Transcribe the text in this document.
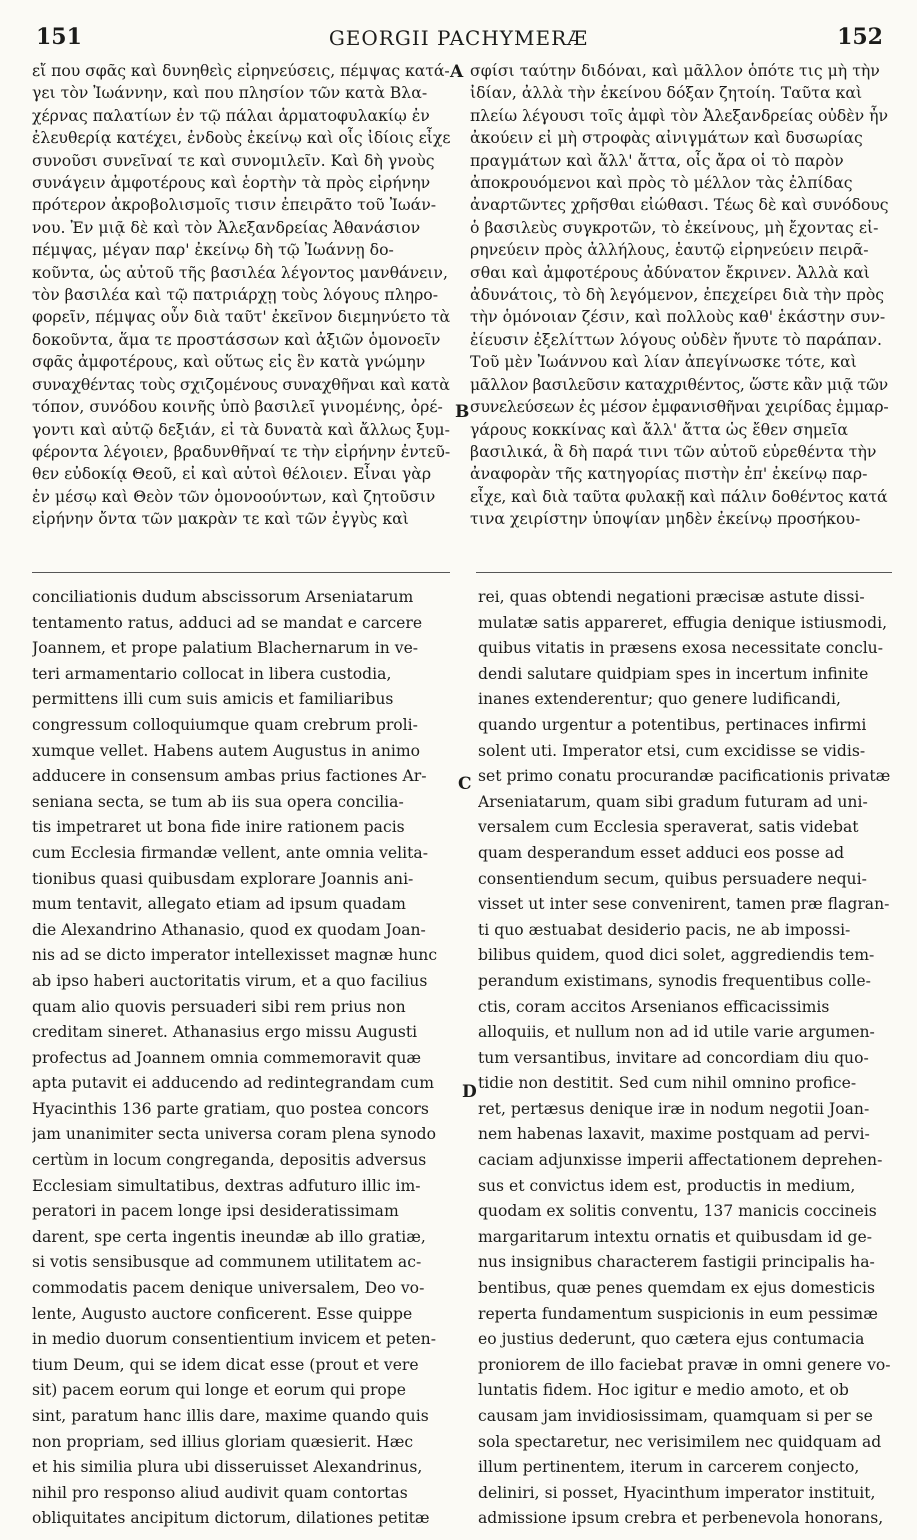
151	GEORGII PACHYMERÆ	152
εἴ που σφᾶς καὶ δυνηθεὶς εἰρηνεύσεις, πέμψας κατά-
γει τὸν Ἰωάννην, καὶ που πλησίον τῶν κατὰ Βλα-
χέρνας παλατίων ἐν τῷ πάλαι ἁρματοφυλακίῳ ἐν
ἐλευθερίᾳ κατέχει, ἐνδοὺς ἐκείνῳ καὶ οἷς ἰδίοις εἶχε
συνοῦσι συνεῖναί τε καὶ συνομιλεῖν. Καὶ δὴ γνοὺς
συνάγειν ἀμφοτέρους καὶ ἑορτὴν τὰ πρὸς εἰρήνην
πρότερον ἀκροβολισμοῖς τισιν ἐπειρᾶτο τοῦ Ἰωάν-
νου. Ἐν μιᾷ δὲ καὶ τὸν Ἀλεξανδρείας Ἀθανάσιον
πέμψας, μέγαν παρ' ἐκείνῳ δὴ τῷ Ἰωάννῃ δο-
κοῦντα, ὡς αὐτοῦ τῆς βασιλέα λέγοντος μανθάνειν,
τὸν βασιλέα καὶ τῷ πατριάρχῃ τοὺς λόγους πληρο-
φορεῖν, πέμψας οὖν διὰ ταῦτ' ἐκεῖνον διεμηνύετο τὰ
δοκοῦντα, ἅμα τε προστάσσων καὶ ἀξιῶν ὁμονοεῖν
σφᾶς ἀμφοτέρους, καὶ οὕτως εἰς ἓν κατὰ γνώμην
συναχθέντας τοὺς σχιζομένους συναχθῆναι καὶ κατὰ
τόπον, συνόδου κοινῆς ὑπὸ βασιλεῖ γινομένης, ὀρέ-
γοντι καὶ αὐτῷ δεξιάν, εἰ τὰ δυνατὰ καὶ ἄλλως ξυμ-
φέροντα λέγοιεν, βραδυνθῆναί τε τὴν εἰρήνην ἐντεῦ-
θεν εὐδοκίᾳ Θεοῦ, εἰ καὶ αὐτοὶ θέλοιεν. Εἶναι γὰρ
ἐν μέσῳ καὶ Θεὸν τῶν ὁμονοούντων, καὶ ζητοῦσιν
εἰρήνην ὄντα τῶν μακρὰν τε καὶ τῶν ἐγγὺς καὶ
σφίσι ταύτην διδόναι, καὶ μᾶλλον ὁπότε τις μὴ τὴν
ἰδίαν, ἀλλὰ τὴν ἐκείνου δόξαν ζητοίη. Ταῦτα καὶ
πλείω λέγουσι τοῖς ἀμφὶ τὸν Ἀλεξανδρείας οὐδὲν ἦν
ἀκούειν εἰ μὴ στροφὰς αἰνιγμάτων καὶ δυσωρίας
πραγμάτων καὶ ἄλλ' ἄττα, οἷς ἄρα οἱ τὸ παρὸν
ἀποκρουόμενοι καὶ πρὸς τὸ μέλλον τὰς ἐλπίδας
ἀναρτῶντες χρῆσθαι εἰώθασι. Τέως δὲ καὶ συνόδους
ὁ βασιλεὺς συγκροτῶν, τὸ ἐκείνους, μὴ ἔχοντας εἰ-
ρηνεύειν πρὸς ἀλλήλους, ἑαυτῷ εἰρηνεύειν πειρᾶ-
σθαι καὶ ἀμφοτέρους ἀδύνατον ἔκρινεν. Ἀλλὰ καὶ
ἀδυνάτοις, τὸ δὴ λεγόμενον, ἐπεχείρει διὰ τὴν πρὸς
τὴν ὁμόνοιαν ζέσιν, καὶ πολλοὺς καθ' ἑκάστην συν-
ἐίευσιν ἐξελίττων λόγους οὐδὲν ἤνυτε τὸ παράπαν.
Τοῦ μὲν Ἰωάννου καὶ λίαν ἀπεγίνωσκε τότε, καὶ
μᾶλλον βασιλεῦσιν καταχριθέντος, ὥστε κἂν μιᾷ τῶν
συνελεύσεων ἐς μέσον ἐμφανισθῆναι χειρίδας ἐμμαρ-
γάρους κοκκίνας καὶ ἄλλ' ἄττα ὡς ἔθεν σημεῖα
βασιλικά, ἃ δὴ παρά τινι τῶν αὐτοῦ εὑρεθέντα τὴν
ἀναφορὰν τῆς κατηγορίας πιστὴν ἐπ' ἐκείνῳ παρ-
εἶχε, καὶ διὰ ταῦτα φυλακῇ καὶ πάλιν δοθέντος κατά
τινα χειρίστην ὑποψίαν μηδὲν ἐκείνῳ προσήκου-
A
B
C
D
conciliationis dudum abscissorum Arseniatarum
tentamento ratus, adduci ad se mandat e carcere
Joannem, et prope palatium Blachernarum in ve-
teri armamentario collocat in libera custodia,
permittens illi cum suis amicis et familiaribus
congressum colloquiumque quam crebrum proli-
xumque vellet. Habens autem Augustus in animo
adducere in consensum ambas prius factiones Ar-
seniana secta, se tum ab iis sua opera concilia-
tis impetraret ut bona fide inire rationem pacis
cum Ecclesia firmandæ vellent, ante omnia velita-
tionibus quasi quibusdam explorare Joannis ani-
mum tentavit, allegato etiam ad ipsum quadam
die Alexandrino Athanasio, quod ex quodam Joan-
nis ad se dicto imperator intellexisset magnæ hunc
ab ipso haberi auctoritatis virum, et a quo facilius
quam alio quovis persuaderi sibi rem prius non
creditam sineret. Athanasius ergo missu Augusti
profectus ad Joannem omnia commemoravit quæ
apta putavit ei adducendo ad redintegrandam cum
Hyacinthis 136 parte gratiam, quo postea concors
jam unanimiter secta universa coram plena synodo
certùm in locum congreganda, depositis adversus
Ecclesiam simultatibus, dextras adfuturo illic im-
peratori in pacem longe ipsi desideratissimam
darent, spe certa ingentis ineundæ ab illo gratiæ,
si votis sensibusque ad communem utilitatem ac-
commodatis pacem denique universalem, Deo vo-
lente, Augusto auctore conficerent. Esse quippe
in medio duorum consentientium invicem et peten-
tium Deum, qui se idem dicat esse (prout et vere
sit) pacem eorum qui longe et eorum qui prope
sint, paratum hanc illis dare, maxime quando quis
non propriam, sed illius gloriam quæsierit. Hæc
et his similia plura ubi disseruisset Alexandrinus,
nihil pro responso aliud audivit quam contortas
obliquitates ancipitum dictorum, dilationes petitæ
rei, quas obtendi negationi præcisæ astute dissi-
mulatæ satis appareret, effugia denique istiusmodi,
quibus vitatis in præsens exosa necessitate conclu-
dendi salutare quidpiam spes in incertum infinite
inanes extenderentur; quo genere ludificandi,
quando urgentur a potentibus, pertinaces infirmi
solent uti. Imperator etsi, cum excidisse se vidis-
set primo conatu procurandæ pacificationis privatæ
Arseniatarum, quam sibi gradum futuram ad uni-
versalem cum Ecclesia speraverat, satis videbat
quam desperandum esset adduci eos posse ad
consentiendum secum, quibus persuadere nequi-
visset ut inter sese convenirent, tamen præ flagran-
ti quo æstuabat desiderio pacis, ne ab impossi-
bilibus quidem, quod dici solet, aggrediendis tem-
perandum existimans, synodis frequentibus colle-
ctis, coram accitos Arsenianos efficacissimis
alloquiis, et nullum non ad id utile varie argumen-
tum versantibus, invitare ad concordiam diu quo-
tidie non destitit. Sed cum nihil omnino profice-
ret, pertæsus denique iræ in nodum negotii Joan-
nem habenas laxavit, maxime postquam ad pervi-
caciam adjunxisse imperii affectationem deprehen-
sus et convictus idem est, productis in medium,
quodam ex solitis conventu, 137 manicis coccineis
margaritarum intextu ornatis et quibusdam id ge-
nus insignibus characterem fastigii principalis ha-
bentibus, quæ penes quemdam ex ejus domesticis
reperta fundamentum suspicionis in eum pessimæ
eo justius dederunt, quo cætera ejus contumacia
proniorem de illo faciebat pravæ in omni genere vo-
luntatis fidem. Hoc igitur e medio amoto, et ob
causam jam invidiosissimam, quamquam si per se
sola spectaretur, nec verisimilem nec quidquam ad
illum pertinentem, iterum in carcerem conjecto,
deliniri, si posset, Hyacinthum imperator instituit,
admissione ipsum crebra et perbenevola honorans,
